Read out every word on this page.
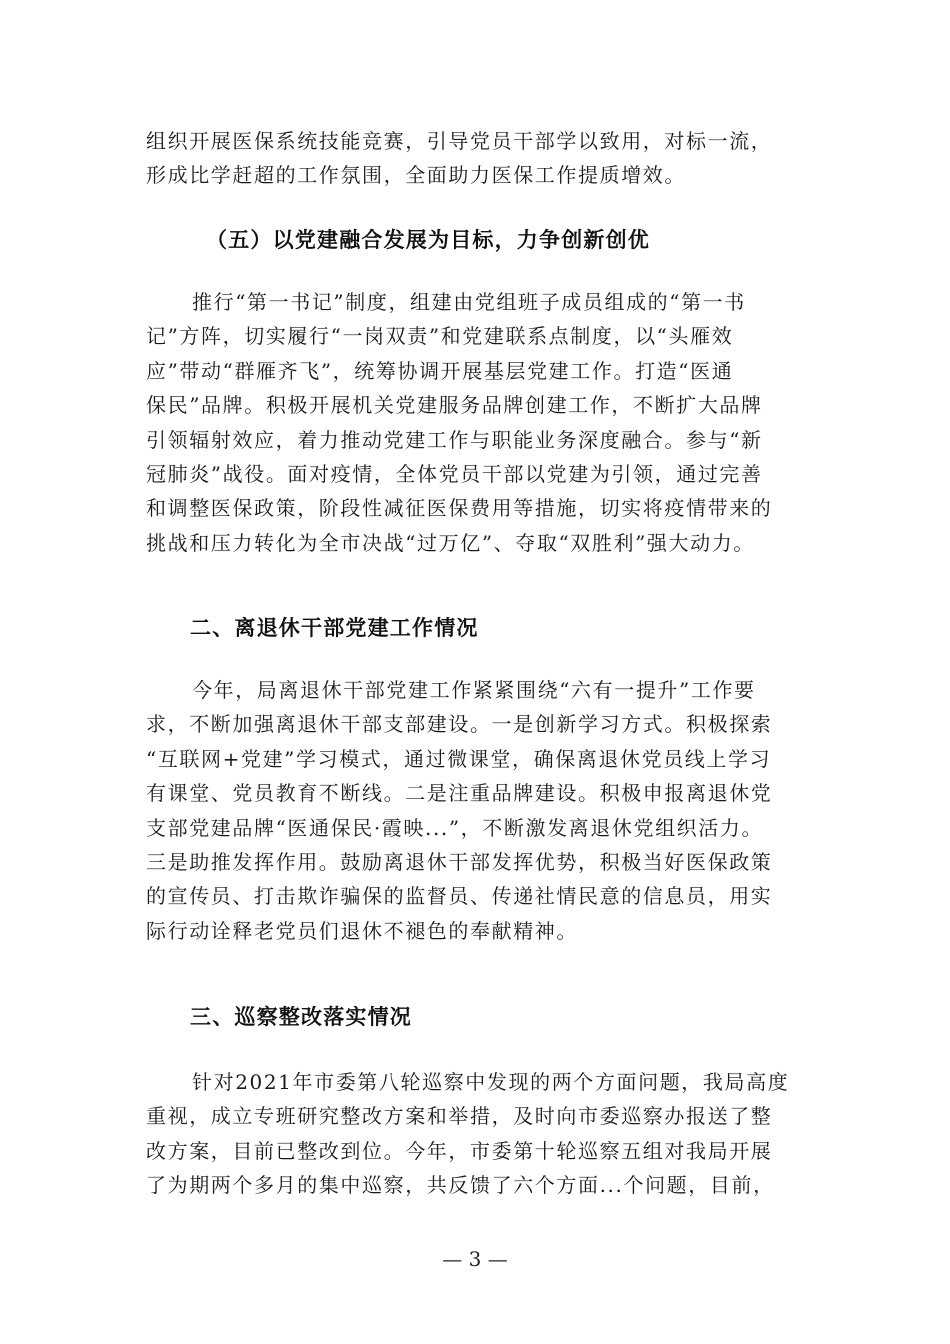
组织开展医保系统技能竞赛，引导党员干部学以致用，对标一流，
形成比学赶超的工作氛围，全面助力医保工作提质增效。
（五）以党建融合发展为目标，力争创新创优
推行“第一书记”制度，组建由党组班子成员组成的“第一书
记”方阵，切实履行“一岗双责”和党建联系点制度，以“头雁效
应”带动“群雁齐飞”，统筹协调开展基层党建工作。打造“医通
保民”品牌。积极开展机关党建服务品牌创建工作，不断扩大品牌
引领辐射效应，着力推动党建工作与职能业务深度融合。参与“新
冠肺炎”战役。面对疫情，全体党员干部以党建为引领，通过完善
和调整医保政策，阶段性减征医保费用等措施，切实将疫情带来的
挑战和压力转化为全市决战“过万亿”、夺取“双胜利”强大动力。
二、离退休干部党建工作情况
今年，局离退休干部党建工作紧紧围绕“六有一提升”工作要
求，不断加强离退休干部支部建设。一是创新学习方式。积极探索
“互联网+党建”学习模式，通过微课堂，确保离退休党员线上学习
有课堂、党员教育不断线。二是注重品牌建设。积极申报离退休党
支部党建品牌“医通保民·霞映...”，不断激发离退休党组织活力。
三是助推发挥作用。鼓励离退休干部发挥优势，积极当好医保政策
的宣传员、打击欺诈骗保的监督员、传递社情民意的信息员，用实
际行动诠释老党员们退休不褪色的奉献精神。
三、巡察整改落实情况
针对2021年市委第八轮巡察中发现的两个方面问题，我局高度
重视，成立专班研究整改方案和举措，及时向市委巡察办报送了整
改方案，目前已整改到位。今年，市委第十轮巡察五组对我局开展
了为期两个多月的集中巡察，共反馈了六个方面...个问题，目前，
— 3 —
